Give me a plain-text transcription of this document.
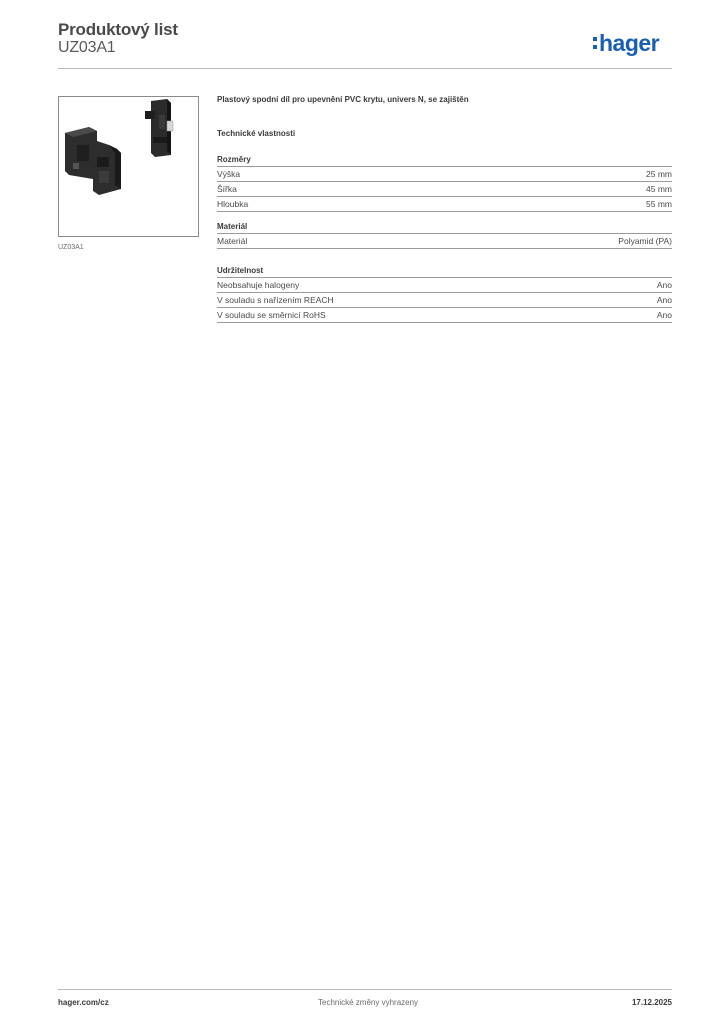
Produktový list
UZ03A1	hager
UZ03A1

Plastový spodní díl pro upevnění PVC krytu, univers N, se zajištěn

Technické vlastnosti
Rozměry
Výška	25 mm
Šířka	45 mm
Hloubka	55 mm
Materiál
Materiál	Polyamid (PA)
Udržitelnost
Neobsahuje halogeny	Ano
V souladu s nařízením REACH	Ano
V souladu se směrnicí RoHS	Ano
hager.com/cz	Technické změny vyhrazeny	17.12.2025
